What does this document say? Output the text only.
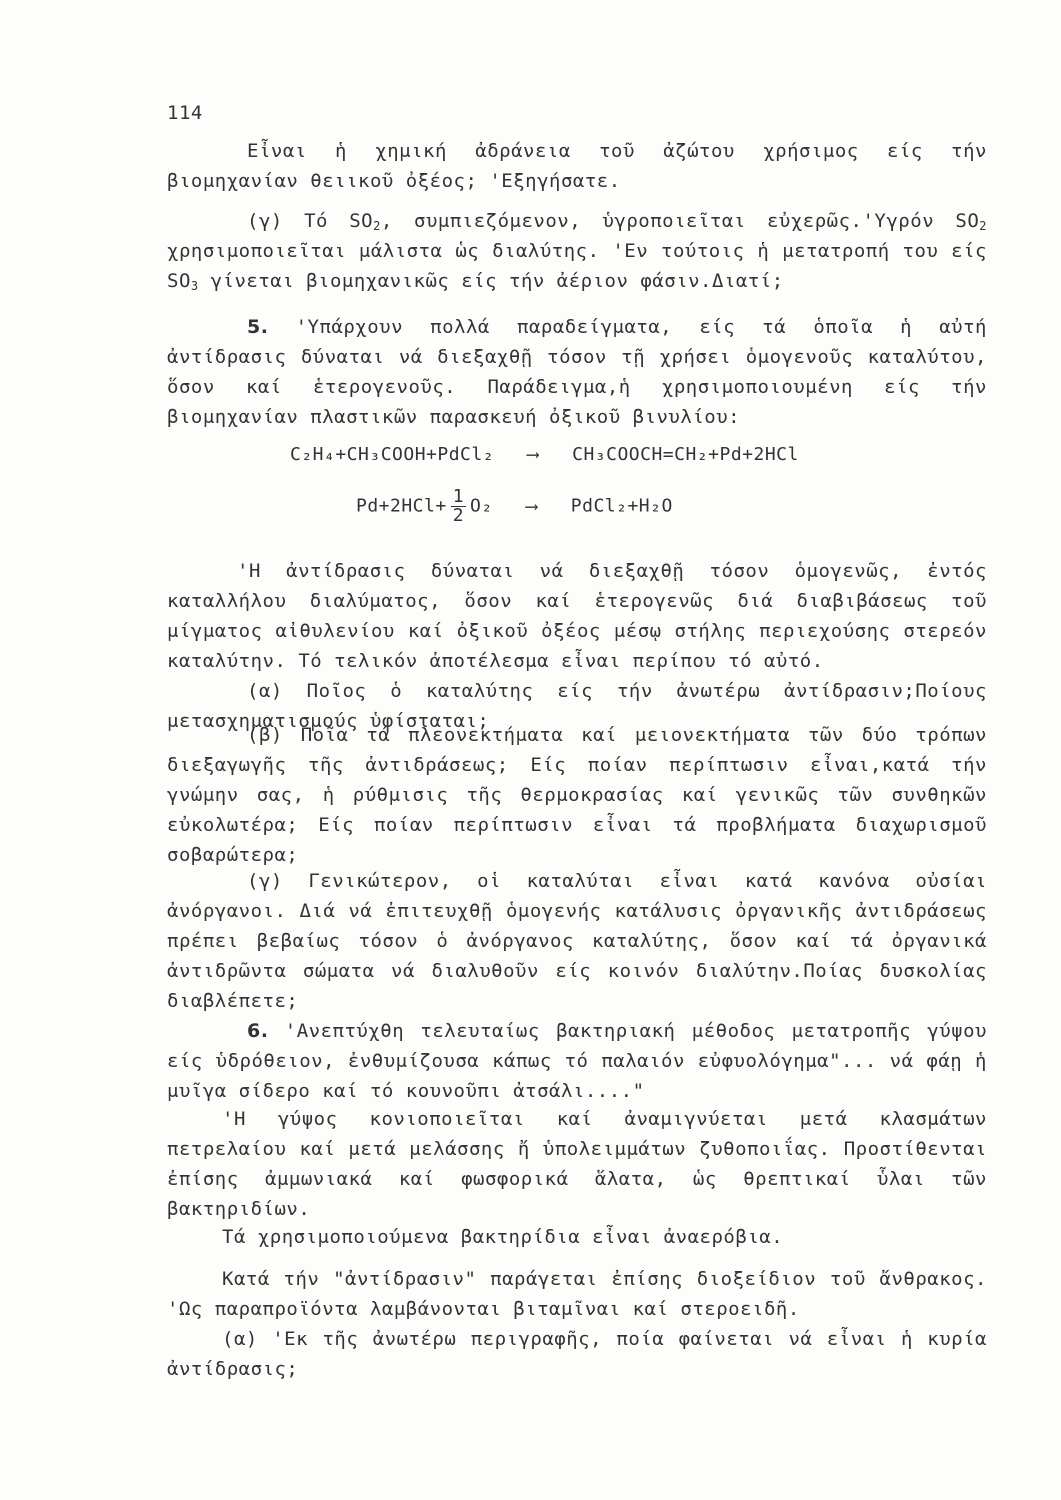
114

Εἶναι ἡ χημική ἀδράνεια τοῦ ἀζώτου χρήσιμος είς τήν βιομηχανίαν θειικοῦ ὀξέος; 'Εξηγήσατε.

(γ) Τό $SO_2$, συμπιεζόμενον, ὑγροποιεῖται εὐχερῶς.'Υγρόν $SO_2$ χρησιμοποιεῖται μάλιστα ὡς διαλύτης. 'Εν τούτοις ἡ μετατροπή του είς $SO_3$ γίνεται βιομηχανικῶς είς τήν ἀέριον φάσιν.Διατί;

5. 'Υπάρχουν πολλά παραδείγματα, είς τά ὁποῖα ἡ αὐτή ἀντίδρασις δύναται νά διεξαχθῇ τόσον τῇ χρήσει ὁμογενοῦς καταλύτου, ὅσον καί ἑτερογενοῦς. Παράδειγμα,ἡ χρησιμοποιουμένη είς τήν βιομηχανίαν πλαστικῶν παρασκευή ὀξικοῦ βινυλίου:

C₂H₄+CH₃COOH+PdCl₂ ⟶ CH₃COOCH=CH₂+Pd+2HCl
$Pd+2HCl+ \frac{1}{2} O_2$ ⟶ PdCl₂+H₂O

'Η ἀντίδρασις δύναται νά διεξαχθῇ τόσον ὁμογενῶς, ἐντός καταλλήλου διαλύματος, ὅσον καί ἑτερογενῶς διά διαβιβάσεως τοῦ μίγματος αἰθυλενίου καί ὀξικοῦ ὀξέος μέσῳ στήλης περιεχούσης στερεόν καταλύτην. Τό τελικόν ἀποτέλεσμα εἶναι περίπου τό αὐτό.

(α) Ποῖος ὁ καταλύτης είς τήν ἀνωτέρω ἀντίδρασιν;Ποίους μετασχηματισμούς ὑφίσταται;

(β) Ποῖα τά πλεονεκτήματα καί μειονεκτήματα τῶν δύο τρόπων διεξαγωγῆς τῆς ἀντιδράσεως; Είς ποίαν περίπτωσιν εἶναι,κατά τήν γνώμην σας, ἡ ρύθμισις τῆς θερμοκρασίας καί γενικῶς τῶν συνθηκῶν εὐκολωτέρα; Είς ποίαν περίπτωσιν εἶναι τά προβλήματα διαχωρισμοῦ σοβαρώτερα;

(γ) Γενικώτερον, οἱ καταλύται εἶναι κατά κανόνα οὐσίαι ἀνόργανοι. Διά νά ἐπιτευχθῇ ὁμογενής κατάλυσις ὀργανικῆς ἀντιδράσεως πρέπει βεβαίως τόσον ὁ ἀνόργανος καταλύτης, ὅσον καί τά ὀργανικά ἀντιδρῶντα σώματα νά διαλυθοῦν είς κοινόν διαλύτην.Ποίας δυσκολίας διαβλέπετε;

6. 'Ανεπτύχθη τελευταίως βακτηριακή μέθοδος μετατροπῆς γύψου είς ὑδρόθειον, ἐνθυμίζουσα κάπως τό παλαιόν εὐφυολόγημα"... νά φάῃ ἡ μυῖγα σίδερο καί τό κουνοῦπι ἀτσάλι...."

'Η γύψος κονιοποιεῖται καί ἀναμιγνύεται μετά κλασμάτων πετρελαίου καί μετά μελάσσης ἤ ὑπολειμμάτων ζυθοποιΐας. Προστίθενται ἐπίσης ἀμμωνιακά καί φωσφορικά ἅλατα, ὡς θρεπτικαί ὗλαι τῶν βακτηριδίων.

Τά χρησιμοποιούμενα βακτηρίδια εἶναι ἀναερόβια.

Κατά τήν "ἀντίδρασιν" παράγεται ἐπίσης διοξείδιον τοῦ ἄνθρακος. 'Ως παραπροϊόντα λαμβάνονται βιταμῖναι καί στεροειδῆ.

(α) 'Εκ τῆς ἀνωτέρω περιγραφῆς, ποία φαίνεται νά εἶναι ἡ κυρία ἀντίδρασις;
